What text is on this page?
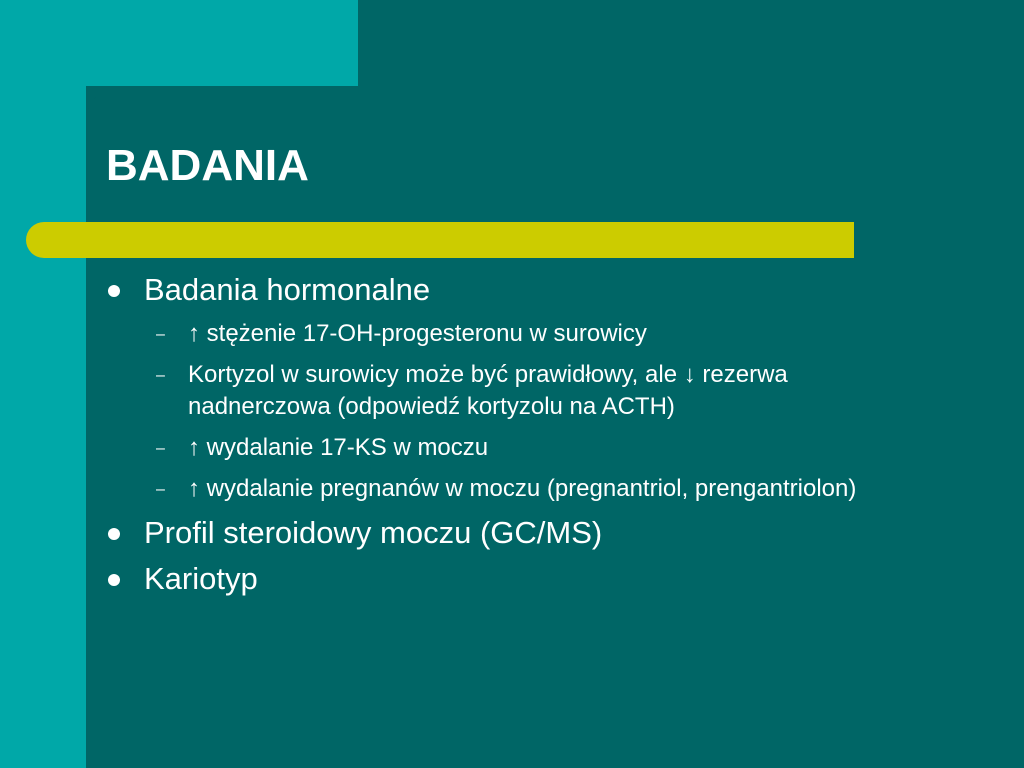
BADANIA
Badania hormonalne
– ↑ stężenie 17-OH-progesteronu w surowicy
– Kortyzol w surowicy może być prawidłowy, ale ↓ rezerwa nadnerczowa (odpowiedź kortyzolu na ACTH)
– ↑ wydalanie 17-KS w moczu
– ↑ wydalanie pregnanów w moczu (pregnantriol, prengantriolon)
Profil steroidowy moczu (GC/MS)
Kariotyp
